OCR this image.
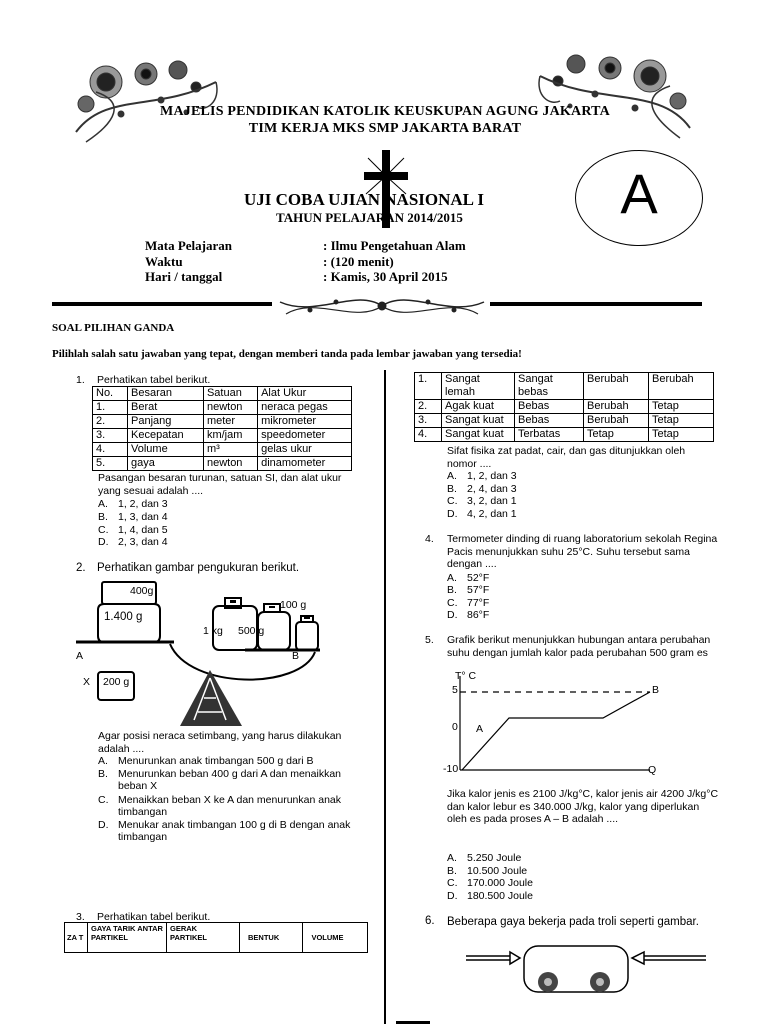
MAJELIS PENDIDIKAN KATOLIK KEUSKUPAN AGUNG JAKARTA
TIM KERJA MKS SMP JAKARTA BARAT
UJI COBA UJIAN NASIONAL I
TAHUN PELAJARAN 2014/2015	A
Mata Pelajaran	: Ilmu Pengetahuan Alam
Waktu	: (120 menit)
Hari / tanggal	: Kamis, 30 April 2015
SOAL PILIHAN GANDA
Pilihlah salah satu jawaban yang tepat, dengan memberi tanda pada lembar jawaban yang tersedia!
1. Perhatikan tabel berikut.
No.	Besaran	Satuan	Alat Ukur
1.	Berat	newton	neraca pegas
2.	Panjang	meter	mikrometer
3.	Kecepatan	km/jam	speedometer
4.	Volume	m³	gelas ukur
5.	gaya	newton	dinamometer
Pasangan besaran turunan, satuan SI, dan alat ukur yang sesuai adalah ....
A. 1, 2, dan 3
B. 1, 3, dan 4
C. 1, 4, dan 5
D. 2, 3, dan 4
2. Perhatikan gambar pengukuran berikut.
400g
1.400 g
100 g
1 kg 500 g
A	B
X 200 g
Agar posisi neraca setimbang, yang harus dilakukan adalah ....
A. Menurunkan anak timbangan 500 g dari B
B. Menurunkan beban 400 g dari A dan menaikkan beban X
C. Menaikkan beban X ke A dan menurunkan anak timbangan
D. Menukar anak timbangan 100 g di B dengan anak timbangan
3. Perhatikan tabel berikut.
ZA T	GAYA TARIK ANTAR PARTIKEL	GERAK PARTIKEL	BENTUK	VOLUME
1.	Sangat lemah	Sangat bebas	Berubah	Berubah
2.	Agak kuat	Bebas	Berubah	Tetap
3.	Sangat kuat	Bebas	Berubah	Tetap
4.	Sangat kuat	Terbatas	Tetap	Tetap
Sifat fisika zat padat, cair, dan gas ditunjukkan oleh nomor ....
A. 1, 2, dan 3
B. 2, 4, dan 3
C. 3, 2, dan 1
D. 4, 2, dan 1
4. Termometer dinding di ruang laboratorium sekolah Regina Pacis menunjukkan suhu 25°C. Suhu tersebut sama dengan ....
A. 52°F
B. 57°F
C. 77°F
D. 86°F
5. Grafik berikut menunjukkan hubungan antara perubahan suhu dengan jumlah kalor pada perubahan 500 gram es
T° C
5
0
-10
A
B
Q
Jika kalor jenis es 2100 J/kg°C, kalor jenis air 4200 J/kg°C dan kalor lebur es 340.000 J/kg, kalor yang diperlukan oleh es pada proses A – B adalah ....
A. 5.250 Joule
B. 10.500 Joule
C. 170.000 Joule
D. 180.500 Joule
6. Beberapa gaya bekerja pada troli seperti gambar.
